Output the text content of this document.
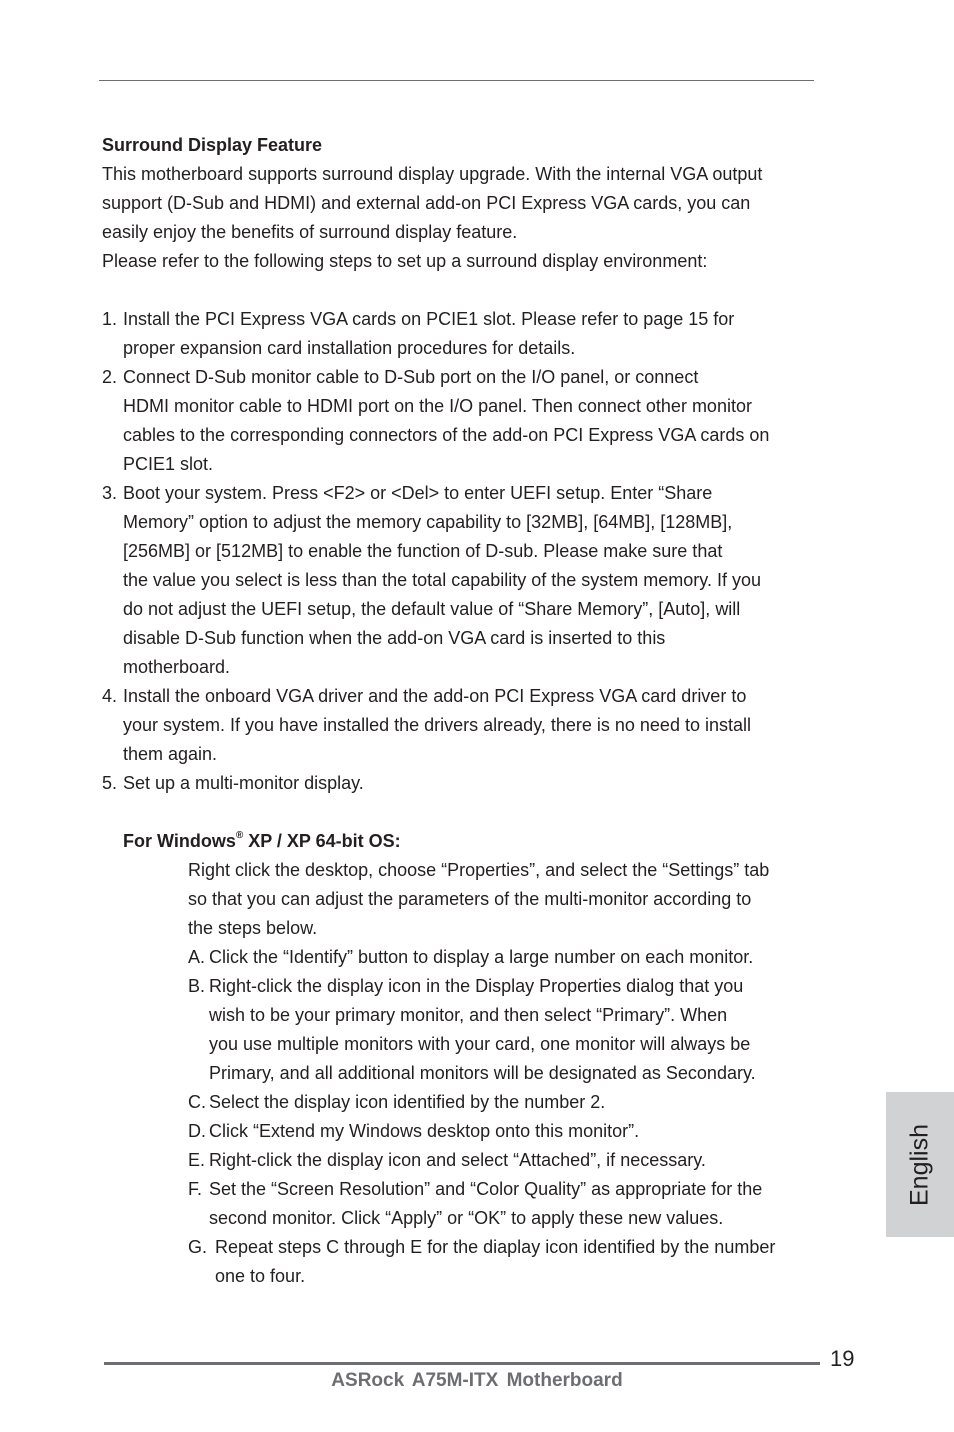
Surround Display Feature
This motherboard supports surround display upgrade. With the internal VGA output
support (D-Sub and HDMI) and external add-on PCI Express VGA cards, you can
easily enjoy the benefits of surround display feature.
Please refer to the following steps to set up a surround display environment:
1. Install the PCI Express VGA cards on PCIE1 slot. Please refer to page 15 for
proper expansion card installation procedures for details.
2. Connect D-Sub monitor cable to D-Sub port on the I/O panel, or connect
HDMI monitor cable to HDMI port on the I/O panel. Then connect other monitor
cables to the corresponding connectors of the add-on PCI Express VGA cards on
PCIE1 slot.
3. Boot your system. Press <F2> or <Del> to enter UEFI setup. Enter “Share
Memory” option to adjust the memory capability to [32MB], [64MB], [128MB],
[256MB] or [512MB] to enable the function of D-sub. Please make sure that
the value you select is less than the total capability of the system memory. If you
do not adjust the UEFI setup, the default value of “Share Memory”, [Auto], will
disable D-Sub function when the add-on VGA card is inserted to this
motherboard.
4. Install the onboard VGA driver and the add-on PCI Express VGA card driver to
your system. If you have installed the drivers already, there is no need to install
them again.
5. Set up a multi-monitor display.
For Windows® XP / XP 64-bit OS:
Right click the desktop, choose “Properties”, and select the “Settings” tab
so that you can adjust the parameters of the multi-monitor according to
the steps below.
A. Click the “Identify” button to display a large number on each monitor.
B. Right-click the display icon in the Display Properties dialog that you
wish to be your primary monitor, and then select “Primary”. When
you use multiple monitors with your card, one monitor will always be
Primary, and all additional monitors will be designated as Secondary.
C. Select the display icon identified by the number 2.
D. Click “Extend my Windows desktop onto this monitor”.
E. Right-click the display icon and select “Attached”, if necessary.
F. Set the “Screen Resolution” and “Color Quality” as appropriate for the
second monitor. Click “Apply” or “OK” to apply these new values.
G. Repeat steps C through E for the diaplay icon identified by the number
one to four.
English
19
ASRock A75M-ITX Motherboard
